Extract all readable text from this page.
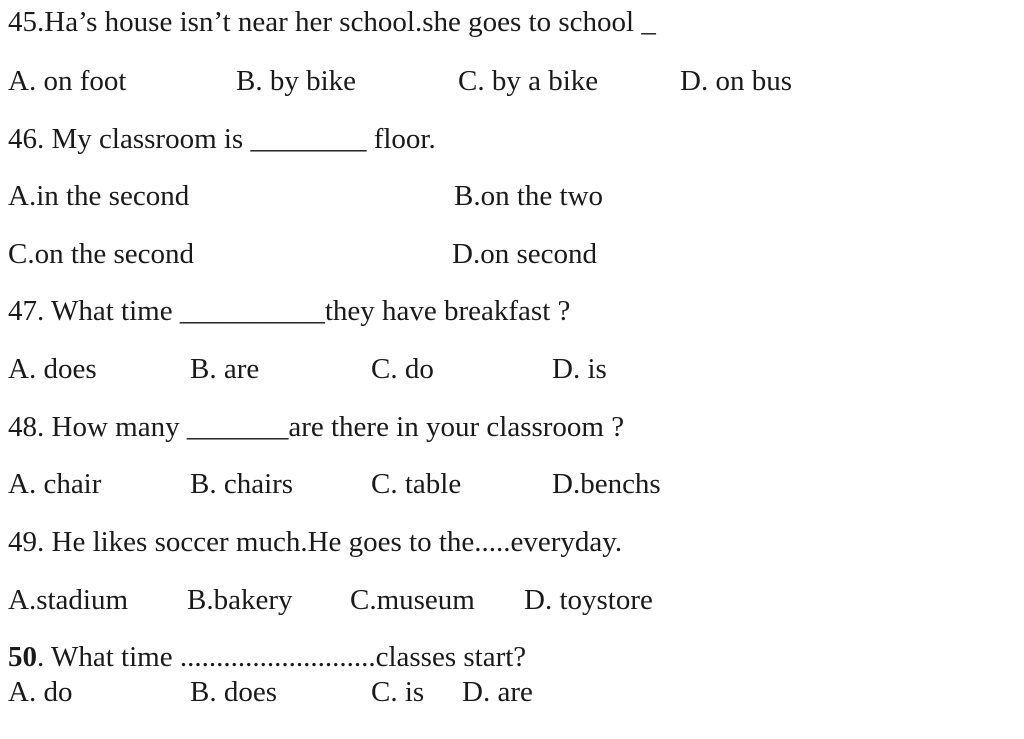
45.Ha’s house isn’t near her school.she goes to school _
A. on foot	B. by bike	C. by a bike	D. on bus
46. My classroom is ________ floor.
A.in the second	B.on the two
C.on the second	D.on second
47. What time __________they have breakfast ?
A. does	B. are	C. do	D. is
48. How many _______are there in your classroom ?
A. chair	B. chairs	C. table	D.benchs
49. He likes soccer much.He goes to the.....everyday.
A.stadium B.bakery C.museum D. toystore
50. What time ...........................classes start?
A. do	B. does	C. is D. are
